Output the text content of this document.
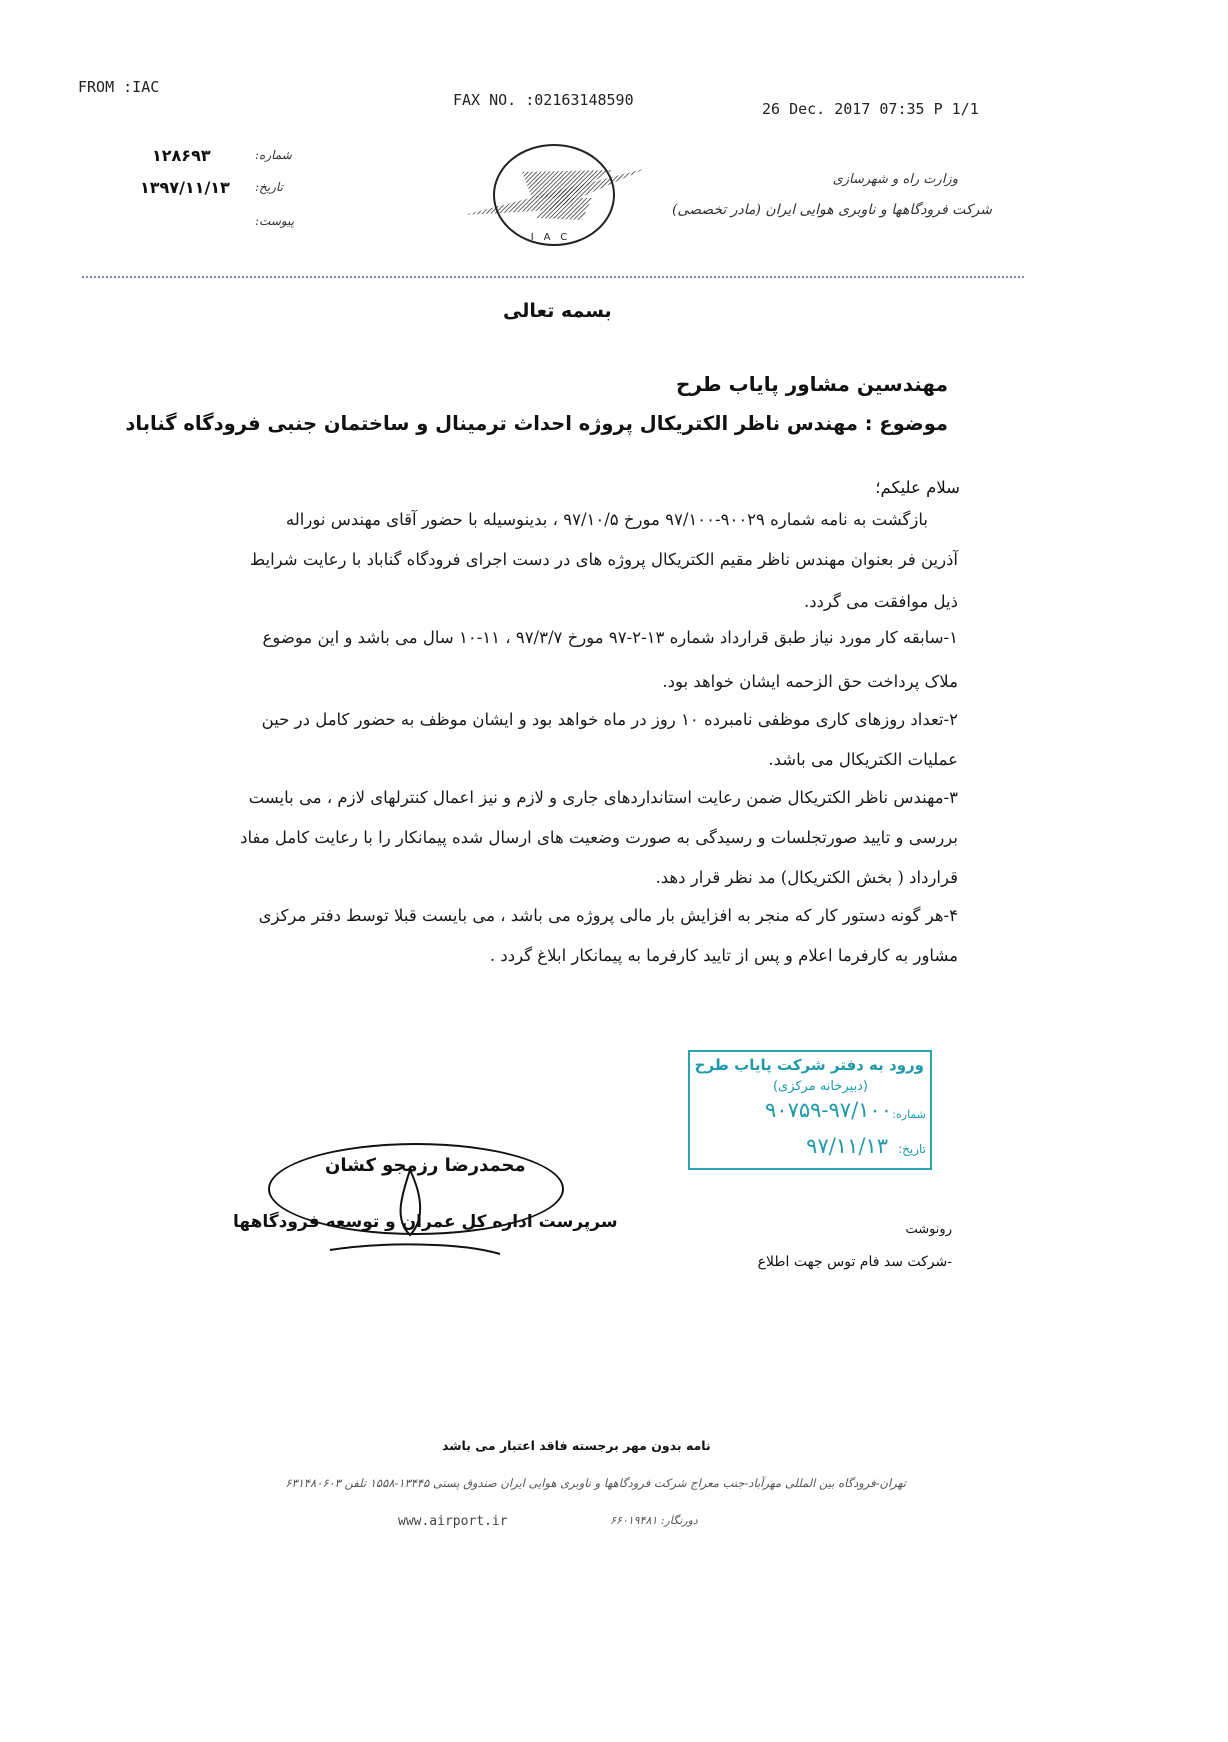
FROM :IAC
FAX NO. :02163148590	26 Dec. 2017 07:35 P 1/1
شماره:
۱۲۸۶۹۳
تاریخ:
۱۳۹۷/۱۱/۱۳
پیوست:
IAC
وزارت راه و شهرسازی
شرکت فرودگاهها و ناوبری هوایی ایران (مادر تخصصی)
بسمه تعالی
مهندسین مشاور پایاب طرح
موضوع : مهندس ناظر الکتریکال پروژه احداث ترمینال و ساختمان جنبی فرودگاه گناباد
سلام علیکم؛
بازگشت به نامه شماره ۹۰۰۲۹-۹۷/۱۰۰ مورخ ۹۷/۱۰/۵ ، بدینوسیله با حضور آقای مهندس نوراله
آذرین فر بعنوان مهندس ناظر مقیم الکتریکال پروژه های در دست اجرای فرودگاه گناباد با رعایت شرایط
ذیل موافقت می گردد.
۱-سابقه کار مورد نیاز طبق قرارداد شماره ۱۳-۲-۹۷ مورخ ۹۷/۳/۷ ، ۱۱-۱۰ سال می باشد و این موضوع
ملاک پرداخت حق الزحمه ایشان خواهد بود.
۲-تعداد روزهای کاری موظفی نامبرده ۱۰ روز در ماه خواهد بود و ایشان موظف به حضور کامل در حین
عملیات الکتریکال می باشد.
۳-مهندس ناظر الکتریکال ضمن رعایت استانداردهای جاری و لازم و نیز اعمال کنترلهای لازم ، می بایست
بررسی و تایید صورتجلسات و رسیدگی به صورت وضعیت های ارسال شده پیمانکار را با رعایت کامل مفاد
قرارداد ( بخش الکتریکال) مد نظر قرار دهد.
۴-هر گونه دستور کار که منجر به افزایش بار مالی پروژه می باشد ، می بایست قبلا توسط دفتر مرکزی
مشاور به کارفرما اعلام و پس از تایید کارفرما به پیمانکار ابلاغ گردد .
ورود به دفتر شرکت پایاب طرح
(دبیرخانه مرکزی)
شماره:
۹۰۷۵۹-۹۷/۱۰۰
تاریخ:
۹۷/۱۱/۱۳
محمدرضا رزمجو کشان
سرپرست اداره کل عمران و توسعه فرودگاهها	رونوشت
-شرکت سد فام توس جهت اطلاع
نامه بدون مهر برجسته فاقد اعتبار می باشد
تهران-فرودگاه بین المللی مهرآباد-جنب معراج شرکت فرودگاهها و ناوبری هوایی ایران صندوق پستی ۱۳۴۴۵-۱۵۵۸ تلفن ۶۳۱۴۸۰۶۰۳
دورنگار: ۶۶۰۱۹۴۸۱
www.airport.ir
